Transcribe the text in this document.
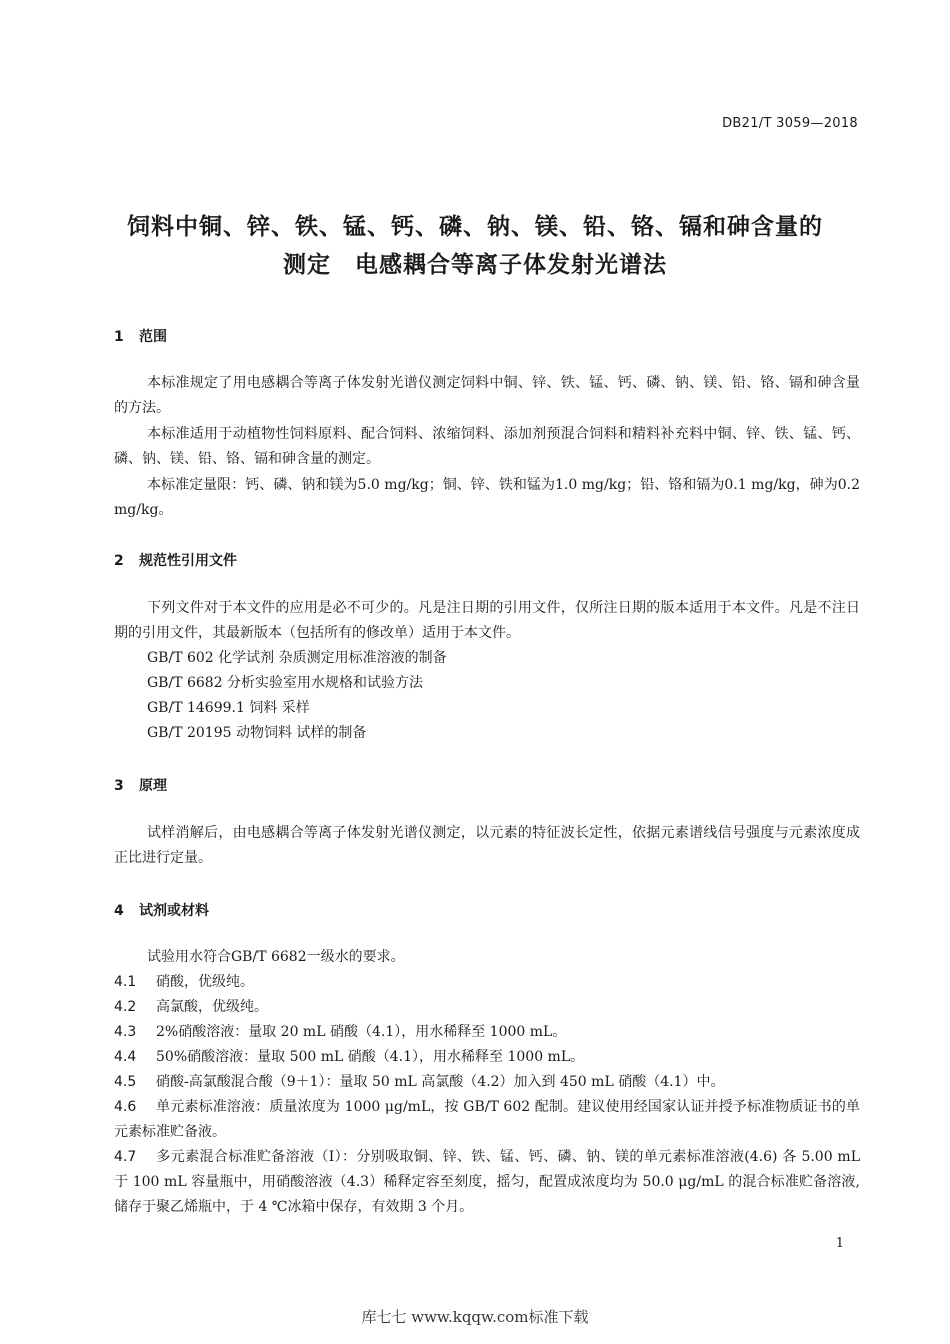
DB21/T 3059—2018
饲料中铜、锌、铁、锰、钙、磷、钠、镁、铅、铬、镉和砷含量的
测定　电感耦合等离子体发射光谱法
1 范围

本标准规定了用电感耦合等离子体发射光谱仪测定饲料中铜、锌、铁、锰、钙、磷、钠、镁、铅、铬、镉和砷含量的方法。

本标准适用于动植物性饲料原料、配合饲料、浓缩饲料、添加剂预混合饲料和精料补充料中铜、锌、铁、锰、钙、磷、钠、镁、铅、铬、镉和砷含量的测定。

本标准定量限：钙、磷、钠和镁为5.0 mg/kg；铜、锌、铁和锰为1.0 mg/kg；铅、铬和镉为0.1 mg/kg，砷为0.2 mg/kg。

2 规范性引用文件

下列文件对于本文件的应用是必不可少的。凡是注日期的引用文件，仅所注日期的版本适用于本文件。凡是不注日期的引用文件，其最新版本（包括所有的修改单）适用于本文件。

GB/T 602 化学试剂 杂质测定用标准溶液的制备
GB/T 6682 分析实验室用水规格和试验方法
GB/T 14699.1 饲料 采样
GB/T 20195 动物饲料 试样的制备
3 原理

试样消解后，由电感耦合等离子体发射光谱仪测定，以元素的特征波长定性，依据元素谱线信号强度与元素浓度成正比进行定量。

4 试剂或材料

试验用水符合GB/T 6682一级水的要求。

4.1 硝酸，优级纯。
4.2 高氯酸，优级纯。
4.3 2%硝酸溶液：量取 20 mL 硝酸（4.1），用水稀释至 1000 mL。
4.4 50%硝酸溶液：量取 500 mL 硝酸（4.1），用水稀释至 1000 mL。
4.5 硝酸-高氯酸混合酸（9＋1）：量取 50 mL 高氯酸（4.2）加入到 450 mL 硝酸（4.1）中。
4.6 单元素标准溶液：质量浓度为 1000 μg/mL，按 GB/T 602 配制。建议使用经国家认证并授予标准物质证书的单元素标准贮备液。
4.7 多元素混合标准贮备溶液（Ⅰ）：分别吸取铜、锌、铁、锰、钙、磷、钠、镁的单元素标准溶液(4.6) 各 5.00 mL 于 100 mL 容量瓶中，用硝酸溶液（4.3）稀释定容至刻度，摇匀，配置成浓度均为 50.0 μg/mL 的混合标准贮备溶液,储存于聚乙烯瓶中，于 4 ℃冰箱中保存，有效期 3 个月。
1
库七七 www.kqqw.com标准下载
